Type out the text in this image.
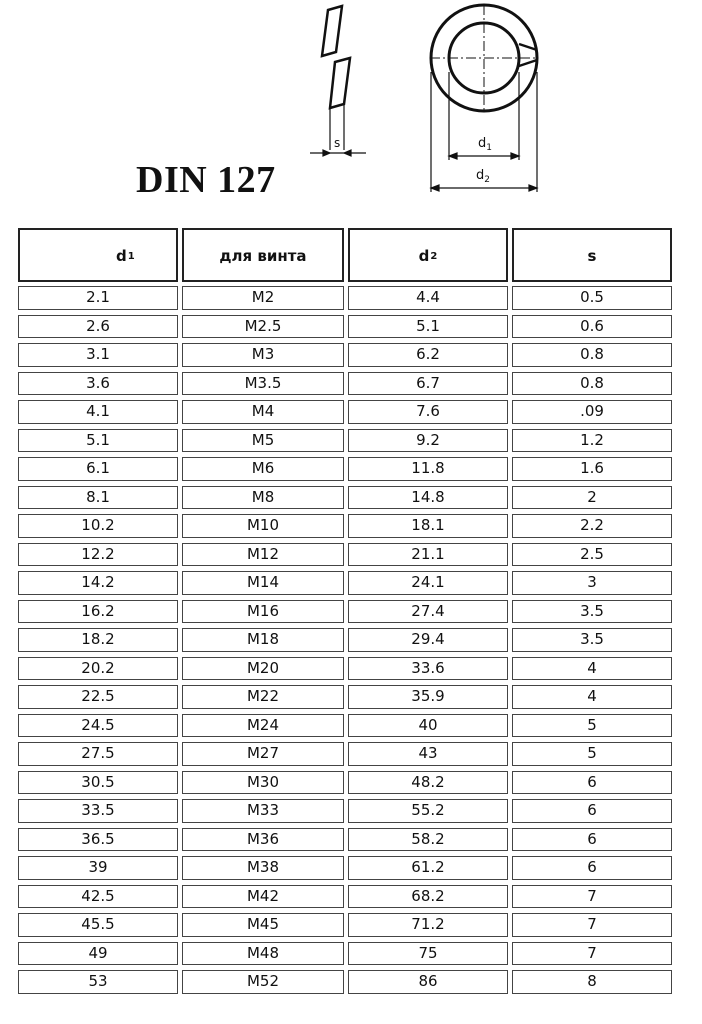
s	$d_1$
$d_2$
DIN 127
d 1	для винта	d 2	s
2.1	M2	4.4	0.5
2.6	M2.5	5.1	0.6
3.1	M3	6.2	0.8
3.6	M3.5	6.7	0.8
4.1	M4	7.6	.09
5.1	M5	9.2	1.2
6.1	M6	11.8	1.6
8.1	M8	14.8	2
10.2	M10	18.1	2.2
12.2	M12	21.1	2.5
14.2	M14	24.1	3
16.2	M16	27.4	3.5
18.2	M18	29.4	3.5
20.2	M20	33.6	4
22.5	M22	35.9	4
24.5	M24	40	5
27.5	M27	43	5
30.5	M30	48.2	6
33.5	M33	55.2	6
36.5	M36	58.2	6
39	M38	61.2	6
42.5	M42	68.2	7
45.5	M45	71.2	7
49	M48	75	7
53	M52	86	8
